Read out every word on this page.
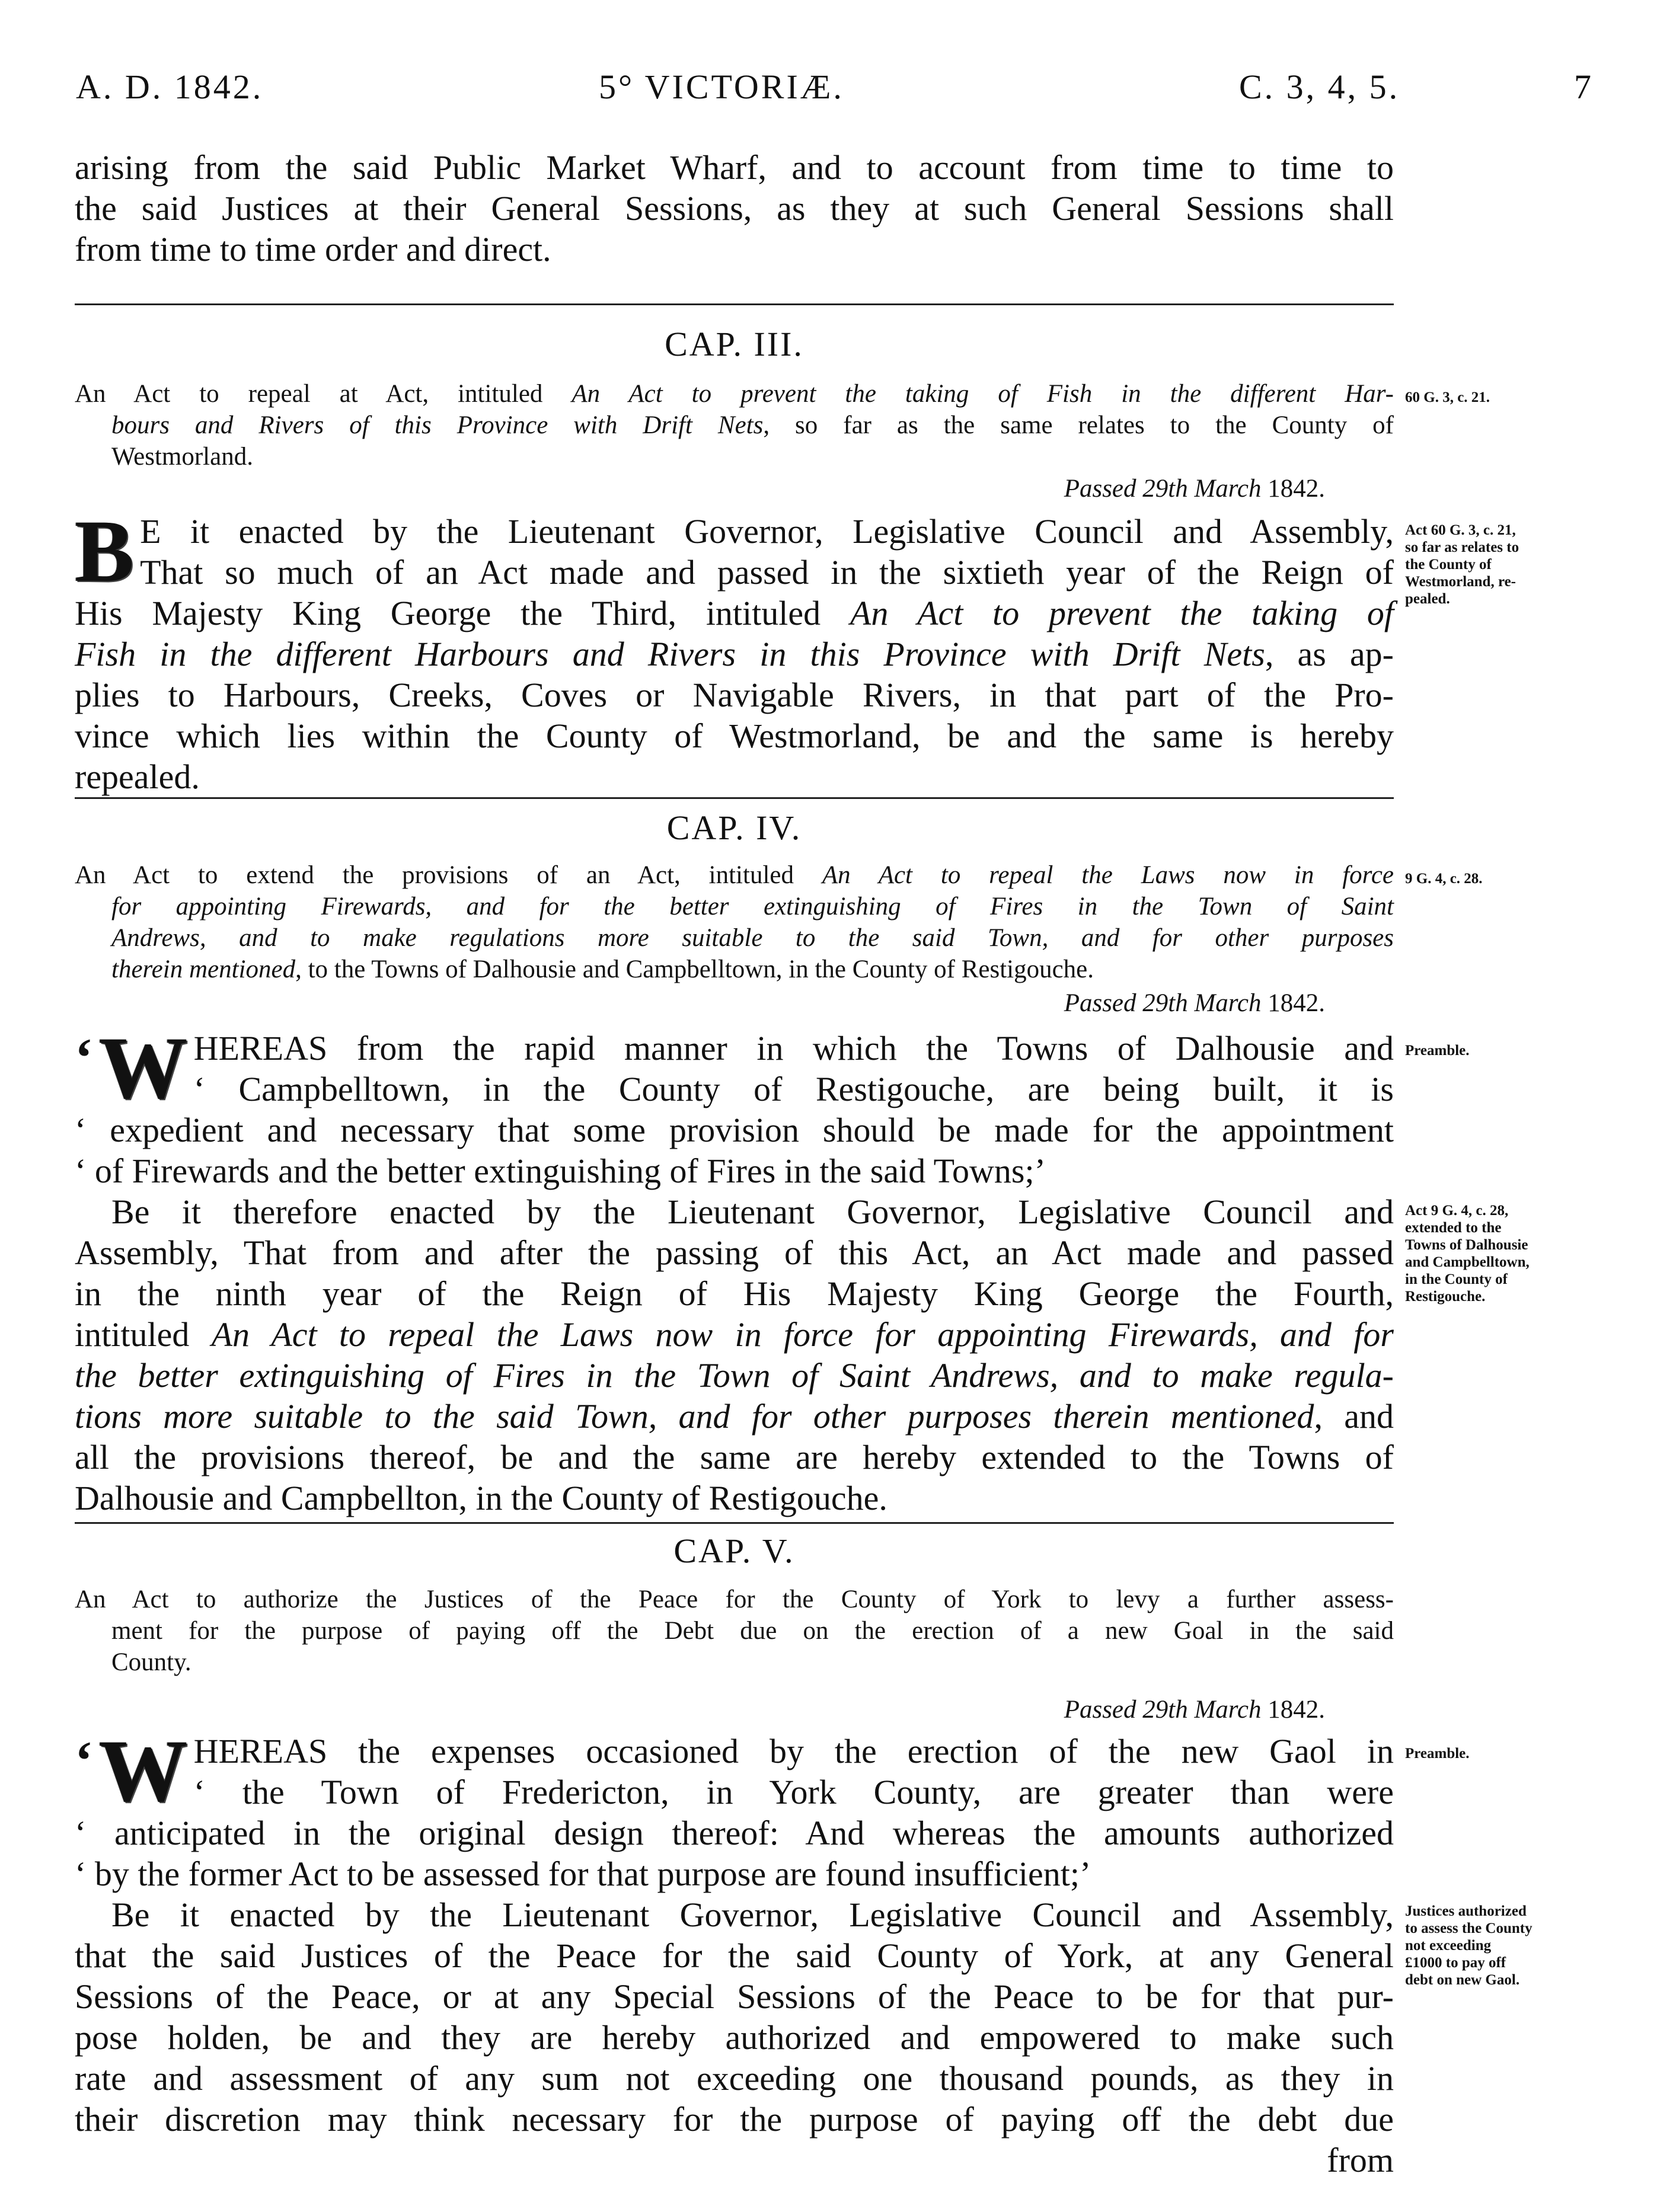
A. D. 1842.	5° VICTORIÆ.	C. 3, 4, 5.	7
arising from the said Public Market Wharf, and to account from time to time to
the said Justices at their General Sessions, as they at such General Sessions shall
from time to time order and direct.
CAP. III.
An Act to repeal at Act, intituled An Act to prevent the taking of Fish in the different Har-
bours and Rivers of this Province with Drift Nets, so far as the same relates to the County of
Westmorland.
60 G. 3, c. 21.
Passed 29th March 1842.
B E it enacted by the Lieutenant Governor, Legislative Council and Assembly,
That so much of an Act made and passed in the sixtieth year of the Reign of
His Majesty King George the Third, intituled An Act to prevent the taking of
Fish in the different Harbours and Rivers in this Province with Drift Nets, as ap-
plies to Harbours, Creeks, Coves or Navigable Rivers, in that part of the Pro-
vince which lies within the County of Westmorland, be and the same is hereby
repealed.
Act 60 G. 3, c. 21,
so far as relates to
the County of
Westmorland, re-
pealed.
CAP. IV.
An Act to extend the provisions of an Act, intituled An Act to repeal the Laws now in force
for appointing Firewards, and for the better extinguishing of Fires in the Town of Saint
Andrews, and to make regulations more suitable to the said Town, and for other purposes
therein mentioned, to the Towns of Dalhousie and Campbelltown, in the County of Restigouche.
9 G. 4, c. 28.
Passed 29th March 1842.
‘ W HEREAS from the rapid manner in which the Towns of Dalhousie and
‘ Campbelltown, in the County of Restigouche, are being built, it is
‘ expedient and necessary that some provision should be made for the appointment
‘ of Firewards and the better extinguishing of Fires in the said Towns;’
Preamble.
Be it therefore enacted by the Lieutenant Governor, Legislative Council and
Assembly, That from and after the passing of this Act, an Act made and passed
in the ninth year of the Reign of His Majesty King George the Fourth,
intituled An Act to repeal the Laws now in force for appointing Firewards, and for
the better extinguishing of Fires in the Town of Saint Andrews, and to make regula-
tions more suitable to the said Town, and for other purposes therein mentioned, and
all the provisions thereof, be and the same are hereby extended to the Towns of
Dalhousie and Campbellton, in the County of Restigouche.
Act 9 G. 4, c. 28,
extended to the
Towns of Dalhousie
and Campbelltown,
in the County of
Restigouche.
CAP. V.
An Act to authorize the Justices of the Peace for the County of York to levy a further assess-
ment for the purpose of paying off the Debt due on the erection of a new Goal in the said
County.
Passed 29th March 1842.
‘ W HEREAS the expenses occasioned by the erection of the new Gaol in
‘ the Town of Fredericton, in York County, are greater than were
‘ anticipated in the original design thereof: And whereas the amounts authorized
‘ by the former Act to be assessed for that purpose are found insufficient;’
Preamble.
Be it enacted by the Lieutenant Governor, Legislative Council and Assembly,
that the said Justices of the Peace for the said County of York, at any General
Sessions of the Peace, or at any Special Sessions of the Peace to be for that pur-
pose holden, be and they are hereby authorized and empowered to make such
rate and assessment of any sum not exceeding one thousand pounds, as they in
their discretion may think necessary for the purpose of paying off the debt due
from
Justices authorized
to assess the County
not exceeding
£1000 to pay off
debt on new Gaol.
